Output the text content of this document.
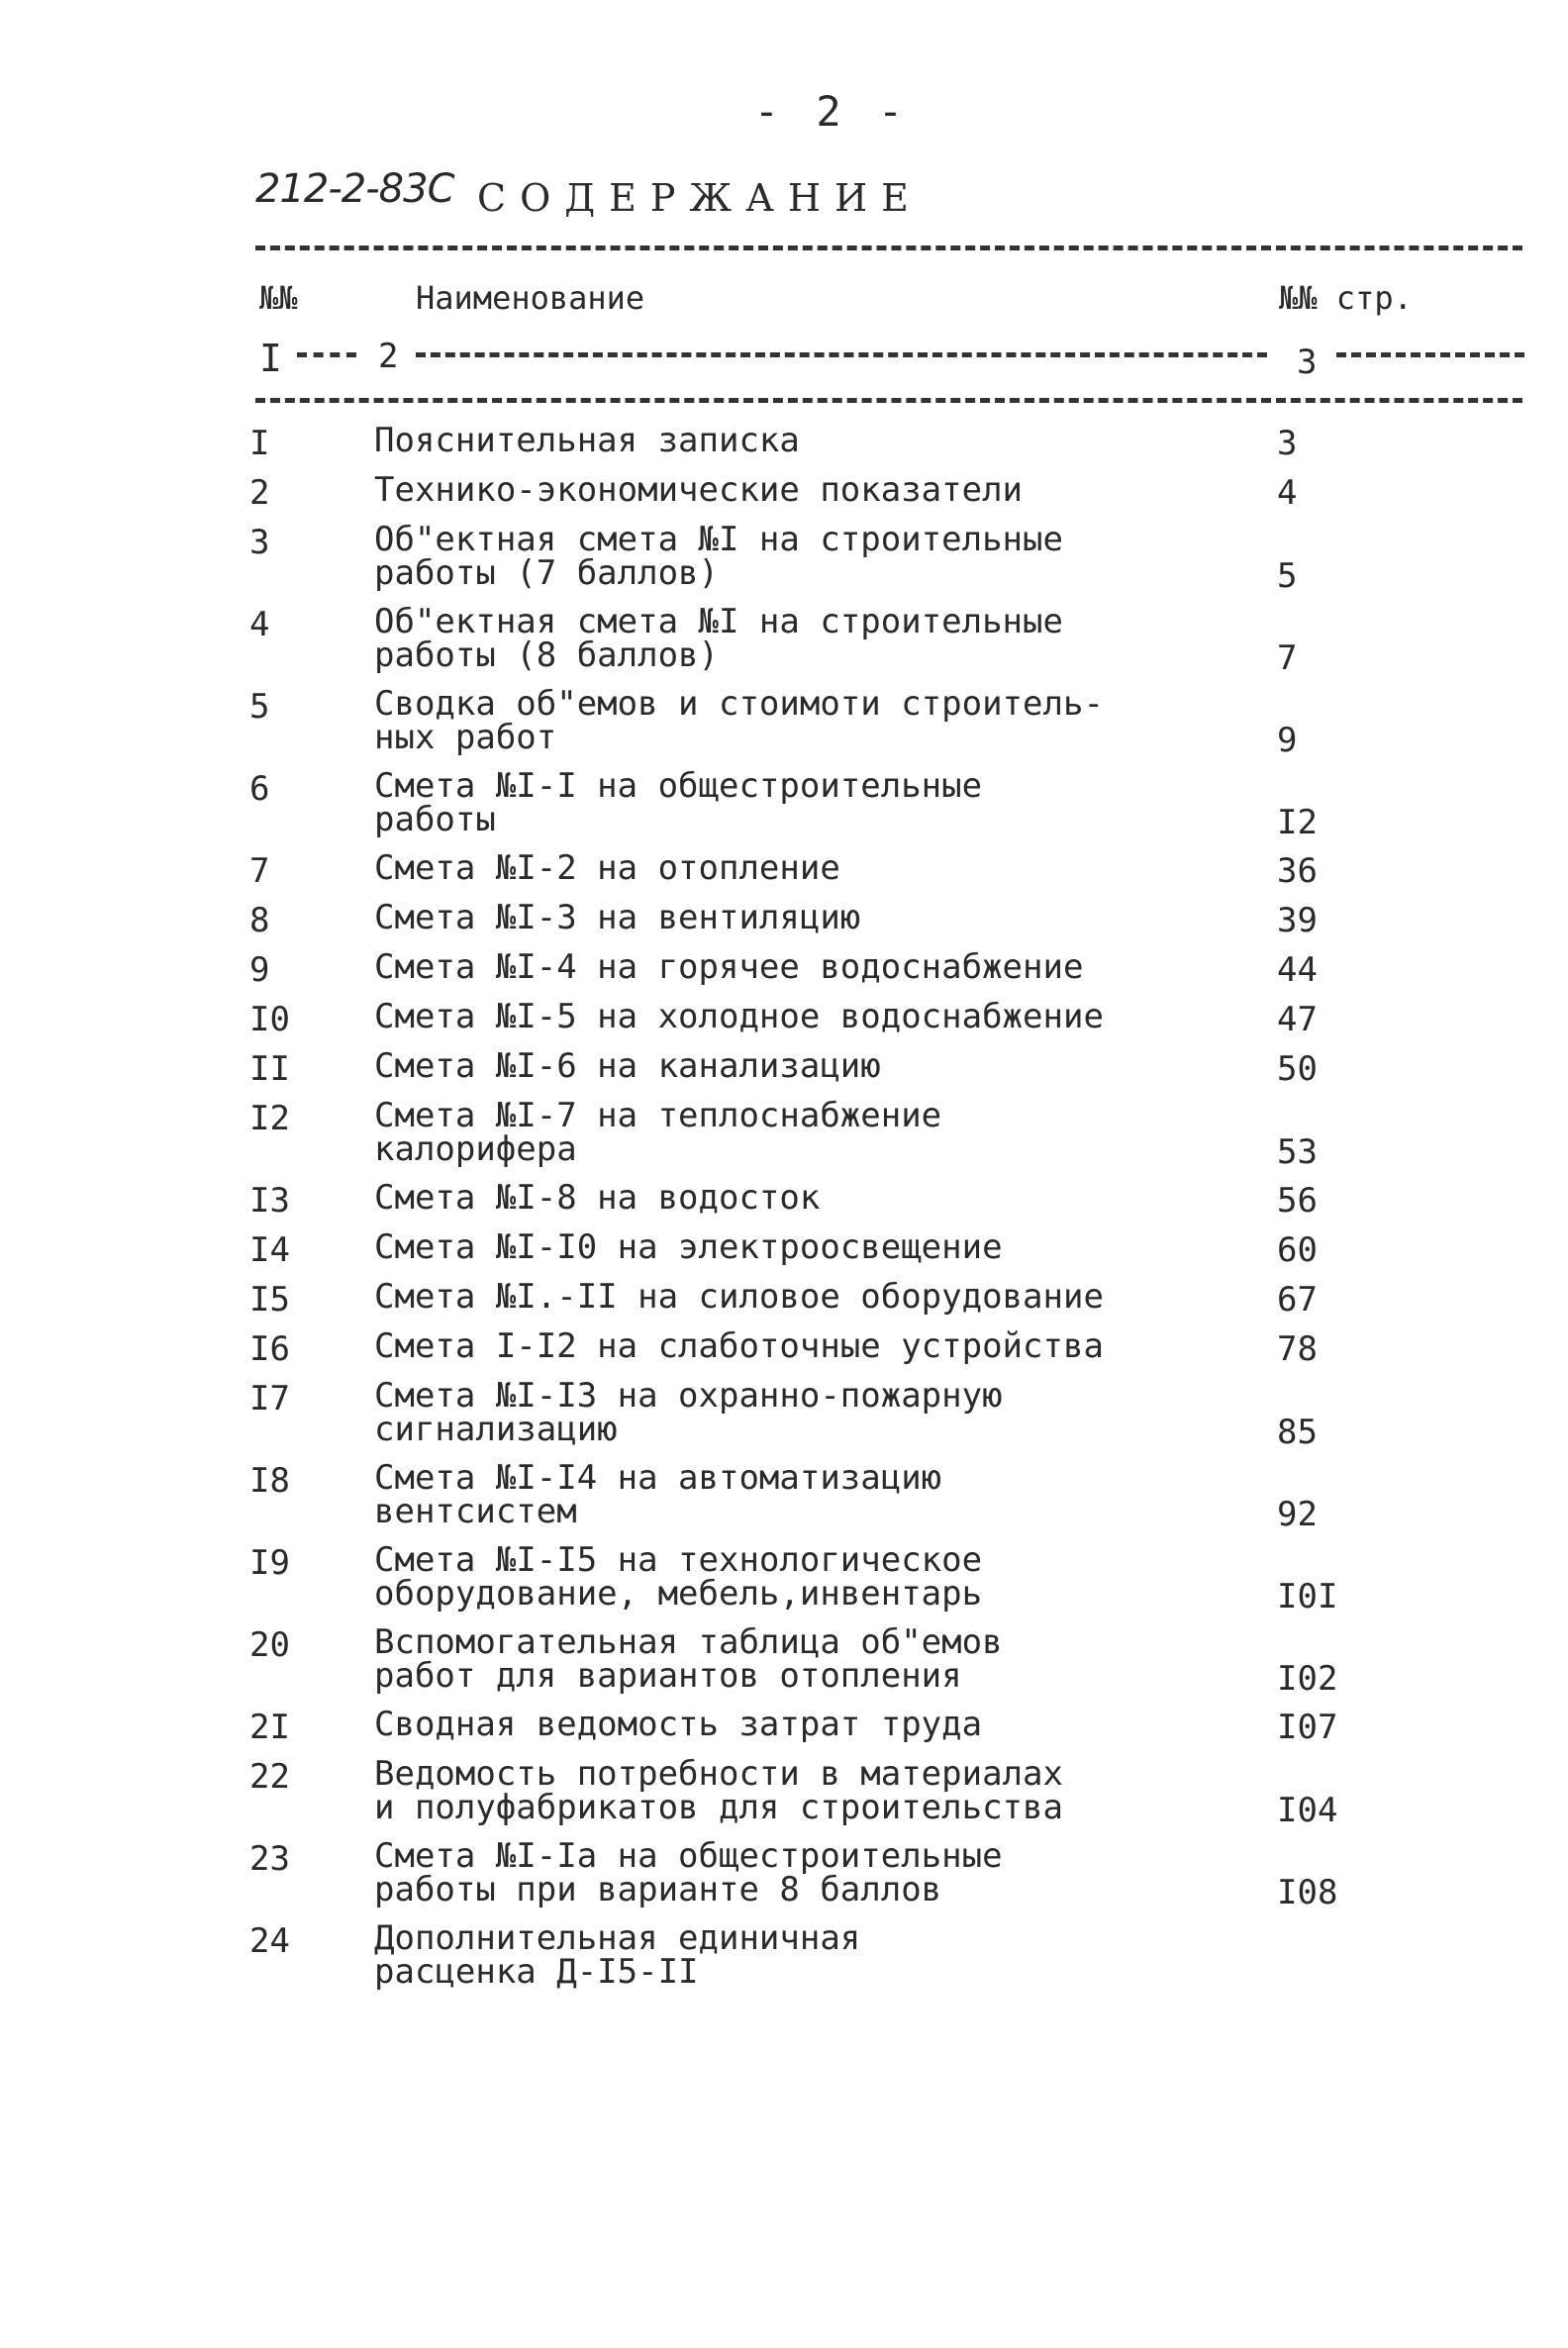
- 2 -
212-2-83С СОДЕРЖАНИЕ
№№	Наименование	№№ стр.
I	2	3
I	Пояснительная записка	3
2	Технико-экономические показатели	4
3	Об"ектная смета №I на строительные
работы (7 баллов)	5
4	Об"ектная смета №I на строительные
работы (8 баллов)	7
5	Сводка об"емов и стоимоти строитель-
ных работ	9
6	Смета №I-I на общестроительные
работы	I2
7	Смета №I-2 на отопление	36
8	Смета №I-3 на вентиляцию	39
9	Смета №I-4 на горячее водоснабжение	44
I0	Смета №I-5 на холодное водоснабжение	47
II	Смета №I-6 на канализацию	50
I2	Смета №I-7 на теплоснабжение
калорифера	53
I3	Смета №I-8 на водосток	56
I4	Смета №I-I0 на электроосвещение	60
I5	Смета №I.-II на силовое оборудование	67
I6	Смета I-I2 на слаботочные устройства	78
I7	Смета №I-I3 на охранно-пожарную
сигнализацию	85
I8	Смета №I-I4 на автоматизацию
вентсистем	92
I9	Смета №I-I5 на технологическое
оборудование, мебель,инвентарь	I0I
20	Вспомогательная таблица об"емов
работ для вариантов отопления	I02
2I	Сводная ведомость затрат труда	I07
22	Ведомость потребности в материалах
и полуфабрикатов для строительства	I04
23	Смета №I-Iа на общестроительные
работы при варианте 8 баллов	I08
24	Дополнительная единичная
расценка Д-I5-II
